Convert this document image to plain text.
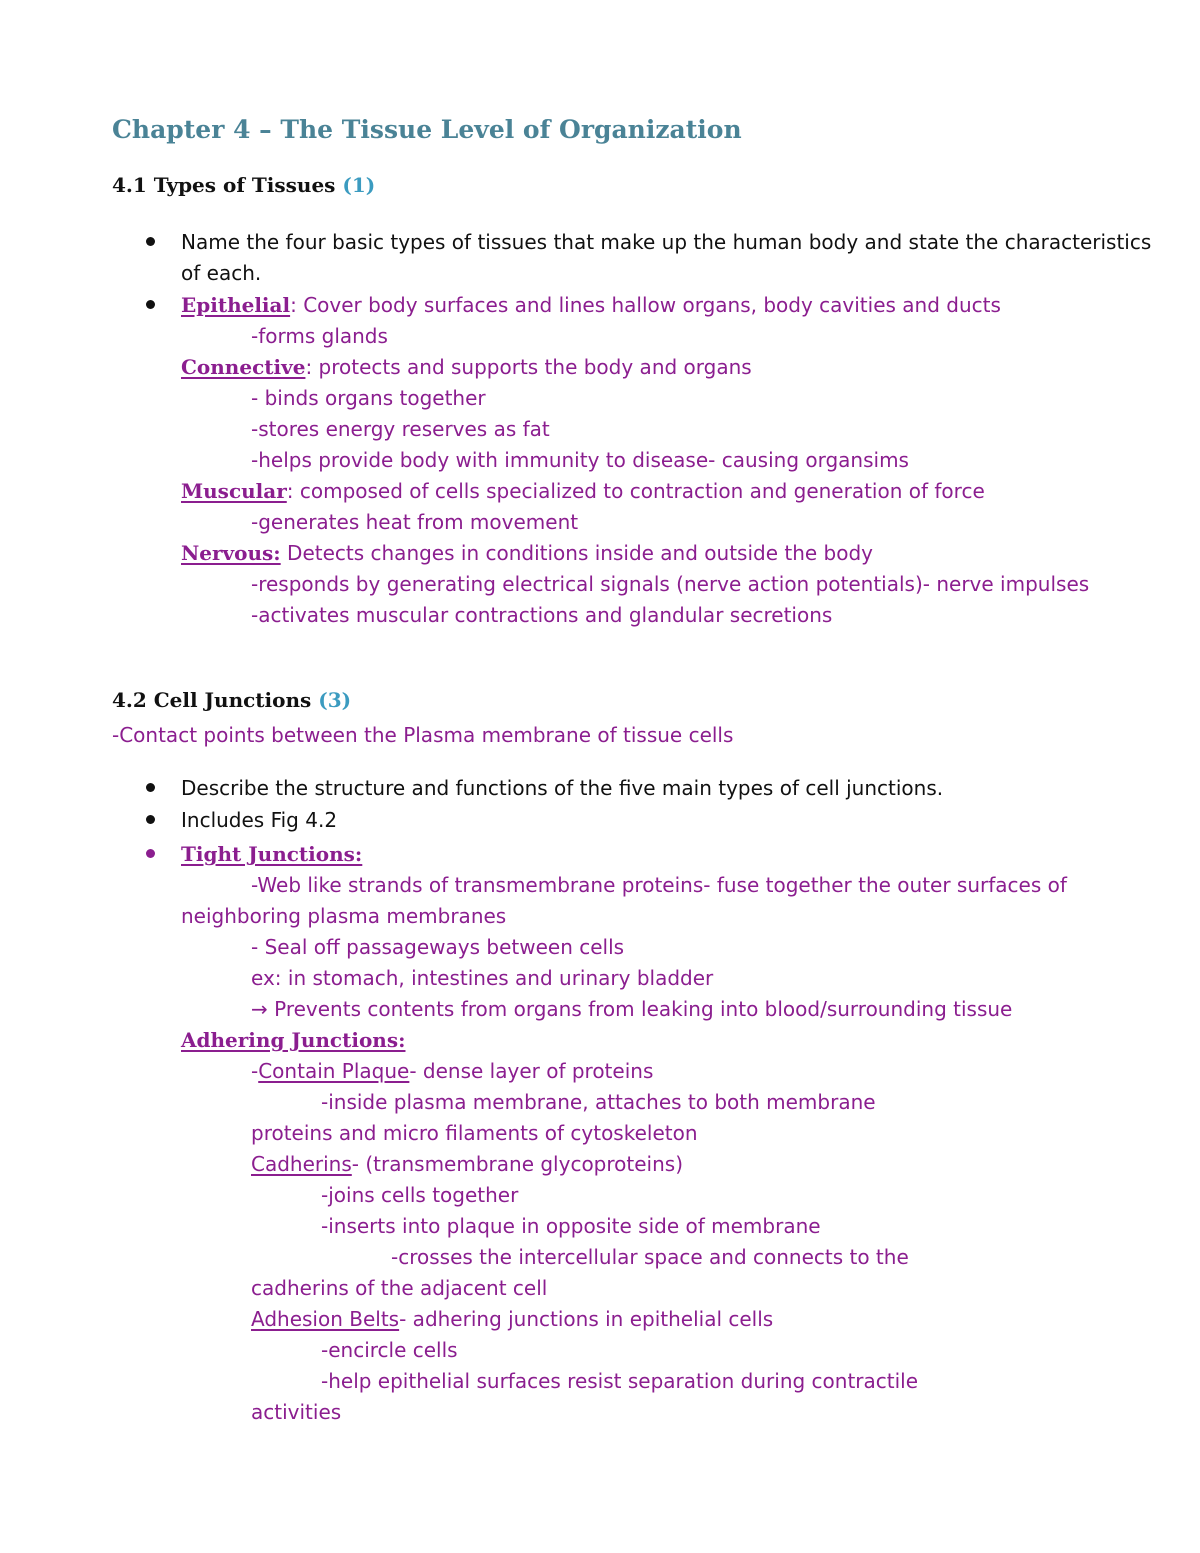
Chapter 4 – The Tissue Level of Organization
4.1 Types of Tissues (1)
Name the four basic types of tissues that make up the human body and state the characteristics
of each.
Epithelial: Cover body surfaces and lines hallow organs, body cavities and ducts
-forms glands
Connective: protects and supports the body and organs
- binds organs together
-stores energy reserves as fat
-helps provide body with immunity to disease- causing organsims
Muscular: composed of cells specialized to contraction and generation of force
-generates heat from movement
Nervous: Detects changes in conditions inside and outside the body
-responds by generating electrical signals (nerve action potentials)- nerve impulses
-activates muscular contractions and glandular secretions
4.2 Cell Junctions (3)
-Contact points between the Plasma membrane of tissue cells
Describe the structure and functions of the five main types of cell junctions.
Includes Fig 4.2
Tight Junctions:
-Web like strands of transmembrane proteins- fuse together the outer surfaces of
neighboring plasma membranes
- Seal off passageways between cells
ex: in stomach, intestines and urinary bladder
→ Prevents contents from organs from leaking into blood/surrounding tissue
Adhering Junctions:
-Contain Plaque- dense layer of proteins
-inside plasma membrane, attaches to both membrane
proteins and micro filaments of cytoskeleton
Cadherins- (transmembrane glycoproteins)
-joins cells together
-inserts into plaque in opposite side of membrane
-crosses the intercellular space and connects to the
cadherins of the adjacent cell
Adhesion Belts- adhering junctions in epithelial cells
-encircle cells
-help epithelial surfaces resist separation during contractile
activities
